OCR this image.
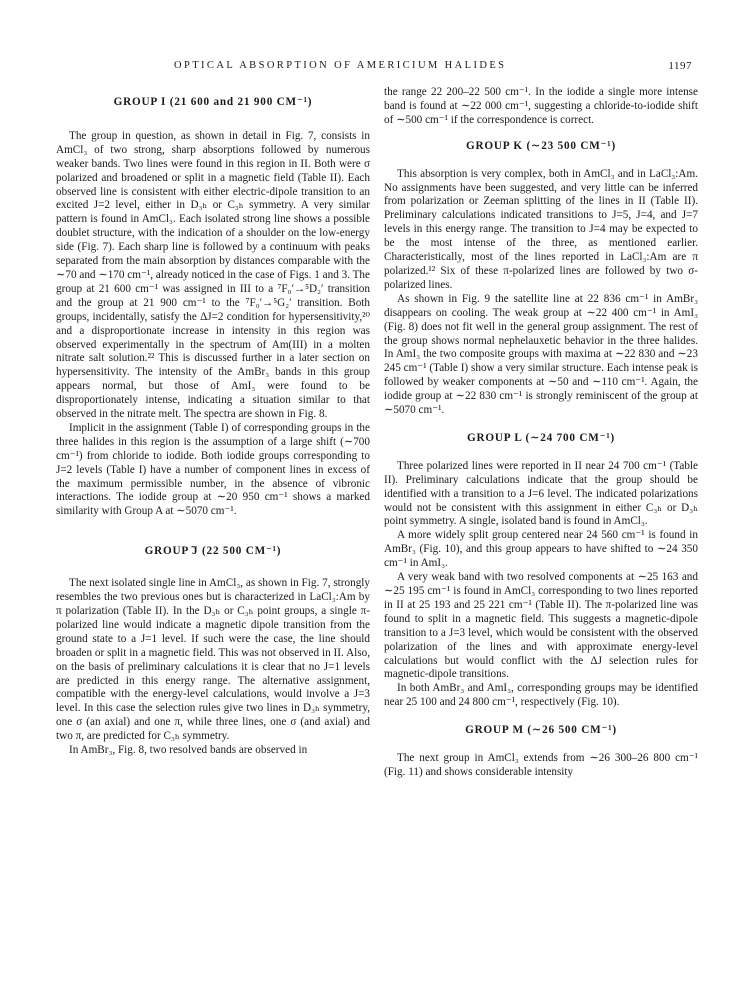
OPTICAL ABSORPTION OF AMERICIUM HALIDES	1197
GROUP I (21 600 and 21 900 CM⁻¹)

The group in question, as shown in detail in Fig. 7, consists in AmCl₃ of two strong, sharp absorptions followed by numerous weaker bands. Two lines were found in this region in II. Both were σ polarized and broadened or split in a magnetic field (Table II). Each observed line is consistent with either electric-dipole transition to an excited J=2 level, either in D₃ₕ or C₃ₕ symmetry. A very similar pattern is found in AmCl₃. Each isolated strong line shows a possible doublet structure, with the indication of a shoulder on the low-energy side (Fig. 7). Each sharp line is followed by a continuum with peaks separated from the main absorption by distances comparable with the ∼70 and ∼170 cm⁻¹, already noticed in the case of Figs. 1 and 3. The group at 21 600 cm⁻¹ was assigned in III to a ⁷F₀′→⁵D₂′ transition and the group at 21 900 cm⁻¹ to the ⁷F₀′→⁵G₂′ transition. Both groups, incidentally, satisfy the ΔJ=2 condition for hypersensitivity,²⁰ and a disproportionate increase in intensity in this region was observed experimentally in the spectrum of Am(III) in a molten nitrate salt solution.²² This is discussed further in a later section on hypersensitivity. The intensity of the AmBr₃ bands in this group appears normal, but those of AmI₃ were found to be disproportionately intense, indicating a situation similar to that observed in the nitrate melt. The spectra are shown in Fig. 8.

Implicit in the assignment (Table I) of corresponding groups in the three halides in this region is the assumption of a large shift (∼700 cm⁻¹) from chloride to iodide. Both iodide groups corresponding to J=2 levels (Table I) have a number of component lines in excess of the maximum permissible number, in the absence of vibronic interactions. The iodide group at ∼20 950 cm⁻¹ shows a marked similarity with Group A at ∼5070 cm⁻¹.

GROUP ̃J (22 500 CM⁻¹)

The next isolated single line in AmCl₃, as shown in Fig. 7, strongly resembles the two previous ones but is characterized in LaCl₃:Am by π polarization (Table II). In the D₃ₕ or C₃ₕ point groups, a single π-polarized line would indicate a magnetic dipole transition from the ground state to a J=1 level. If such were the case, the line should broaden or split in a magnetic field. This was not observed in II. Also, on the basis of preliminary calculations it is clear that no J=1 levels are predicted in this energy range. The alternative assignment, compatible with the energy-level calculations, would involve a J=3 level. In this case the selection rules give two lines in D₃ₕ symmetry, one σ (an axial) and one π, while three lines, one σ (and axial) and two π, are predicted for C₃ₕ symmetry.

In AmBr₃, Fig. 8, two resolved bands are observed in

the range 22 200–22 500 cm⁻¹. In the iodide a single more intense band is found at ∼22 000 cm⁻¹, suggesting a chloride-to-iodide shift of ∼500 cm⁻¹ if the correspondence is correct.

GROUP K (∼23 500 CM⁻¹)

This absorption is very complex, both in AmCl₃ and in LaCl₃:Am. No assignments have been suggested, and very little can be inferred from polarization or Zeeman splitting of the lines in II (Table II). Preliminary calculations indicated transitions to J=5, J=4, and J=7 levels in this energy range. The transition to J=4 may be expected to be the most intense of the three, as mentioned earlier. Characteristically, most of the lines reported in LaCl₃:Am are π polarized.¹² Six of these π-polarized lines are followed by two σ-polarized lines.

As shown in Fig. 9 the satellite line at 22 836 cm⁻¹ in AmBr₃ disappears on cooling. The weak group at ∼22 400 cm⁻¹ in AmI₃ (Fig. 8) does not fit well in the general group assignment. The rest of the group shows normal nephelauxetic behavior in the three halides. In AmI₃ the two composite groups with maxima at ∼22 830 and ∼23 245 cm⁻¹ (Table I) show a very similar structure. Each intense peak is followed by weaker components at ∼50 and ∼110 cm⁻¹. Again, the iodide group at ∼22 830 cm⁻¹ is strongly reminiscent of the group at ∼5070 cm⁻¹.

GROUP L (∼24 700 CM⁻¹)

Three polarized lines were reported in II near 24 700 cm⁻¹ (Table II). Preliminary calculations indicate that the group should be identified with a transition to a J=6 level. The indicated polarizations would not be consistent with this assignment in either C₃ₕ or D₃ₕ point symmetry. A single, isolated band is found in AmCl₃.

A more widely split group centered near 24 560 cm⁻¹ is found in AmBr₃ (Fig. 10), and this group appears to have shifted to ∼24 350 cm⁻¹ in AmI₃.

A very weak band with two resolved components at ∼25 163 and ∼25 195 cm⁻¹ is found in AmCl₃ corresponding to two lines reported in II at 25 193 and 25 221 cm⁻¹ (Table II). The π-polarized line was found to split in a magnetic field. This suggests a magnetic-dipole transition to a J=3 level, which would be consistent with the observed polarization of the lines and with approximate energy-level calculations but would conflict with the ΔJ selection rules for magnetic-dipole transitions.

In both AmBr₃ and AmI₃, corresponding groups may be identified near 25 100 and 24 800 cm⁻¹, respectively (Fig. 10).

GROUP M (∼26 500 CM⁻¹)

The next group in AmCl₃ extends from ∼26 300–26 800 cm⁻¹ (Fig. 11) and shows considerable intensity
